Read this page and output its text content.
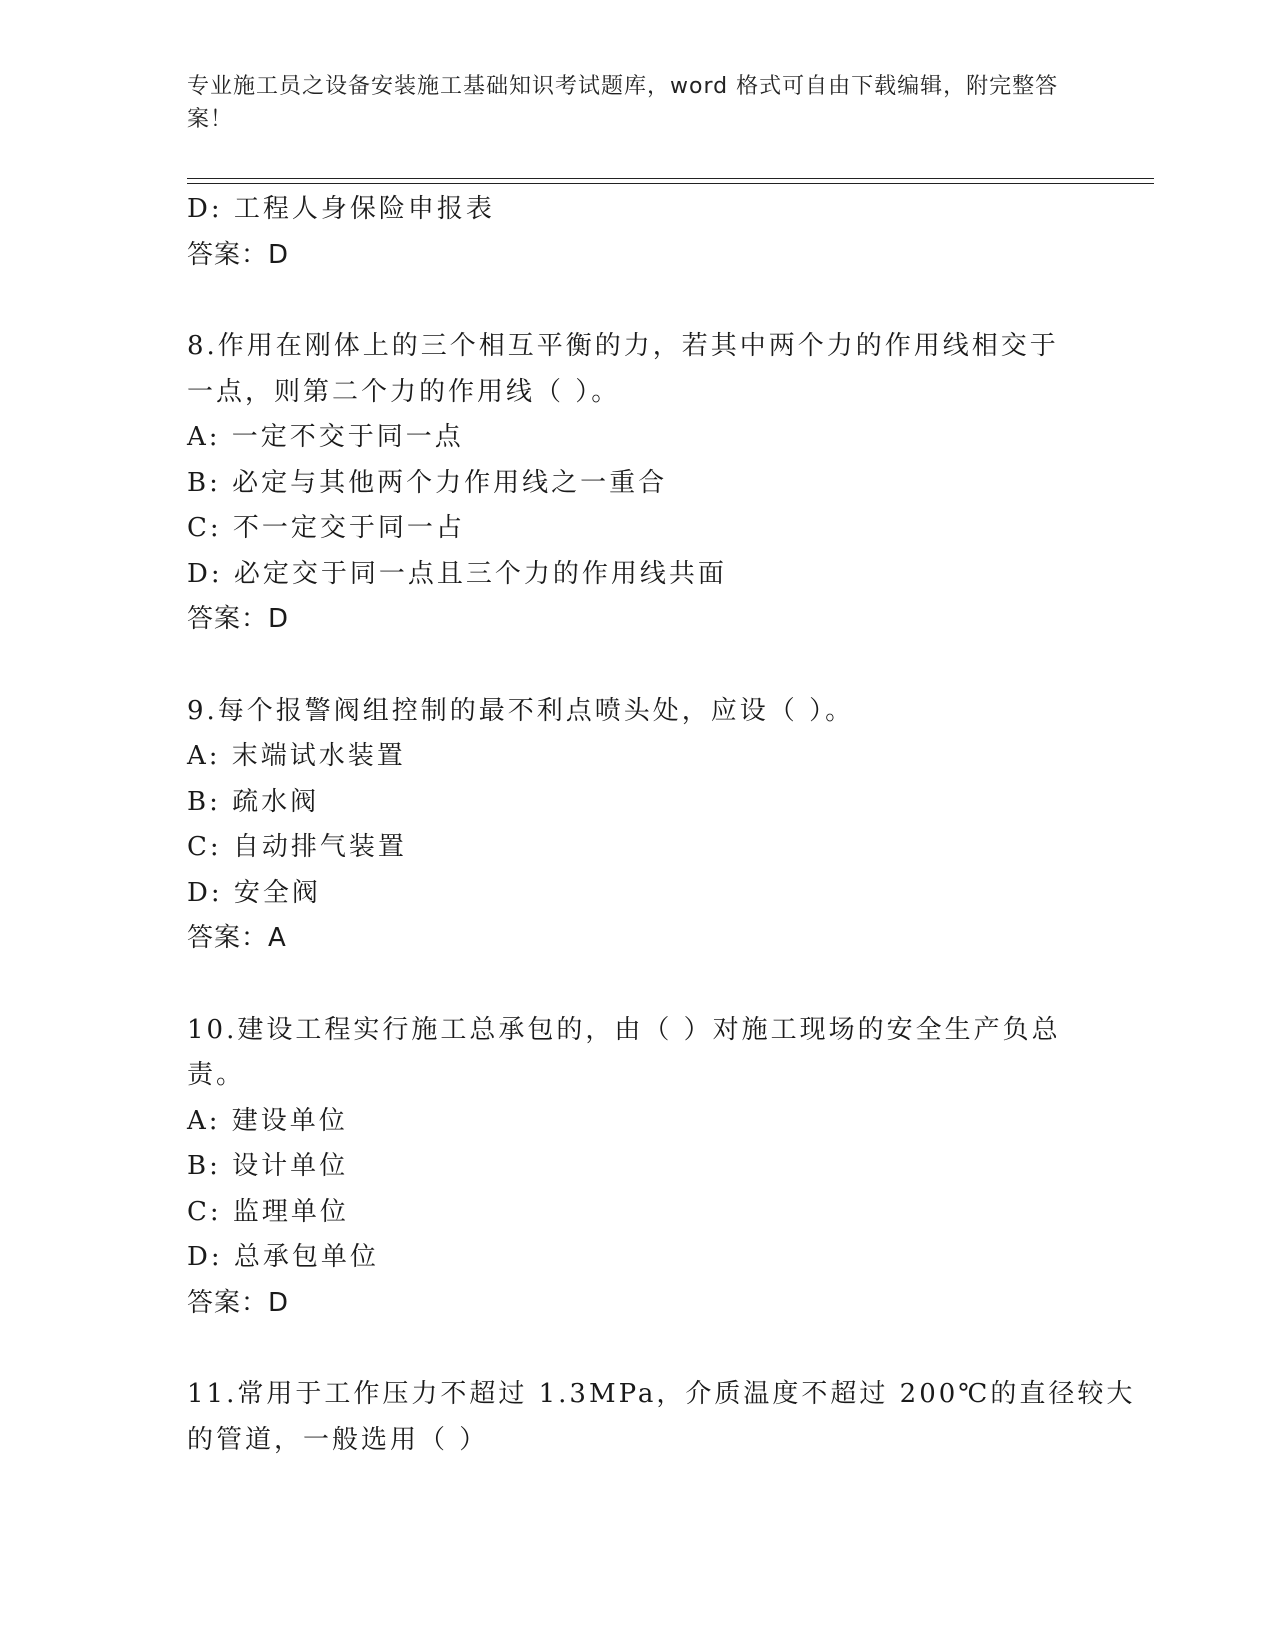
专业施工员之设备安装施工基础知识考试题库，word 格式可自由下载编辑，附完整答案！
D: 工程人身保险申报表
答案：D
8.作用在刚体上的三个相互平衡的力，若其中两个力的作用线相交于
一点，则第二个力的作用线（ ）。
A: 一定不交于同一点
B: 必定与其他两个力作用线之一重合
C: 不一定交于同一占
D: 必定交于同一点且三个力的作用线共面
答案：D
9.每个报警阀组控制的最不利点喷头处，应设（ ）。
A: 末端试水装置
B: 疏水阀
C: 自动排气装置
D: 安全阀
答案：A
10.建设工程实行施工总承包的，由（ ）对施工现场的安全生产负总
责。
A: 建设单位
B: 设计单位
C: 监理单位
D: 总承包单位
答案：D
11.常用于工作压力不超过 1.3MPa，介质温度不超过 200℃的直径较大
的管道，一般选用（ ）
